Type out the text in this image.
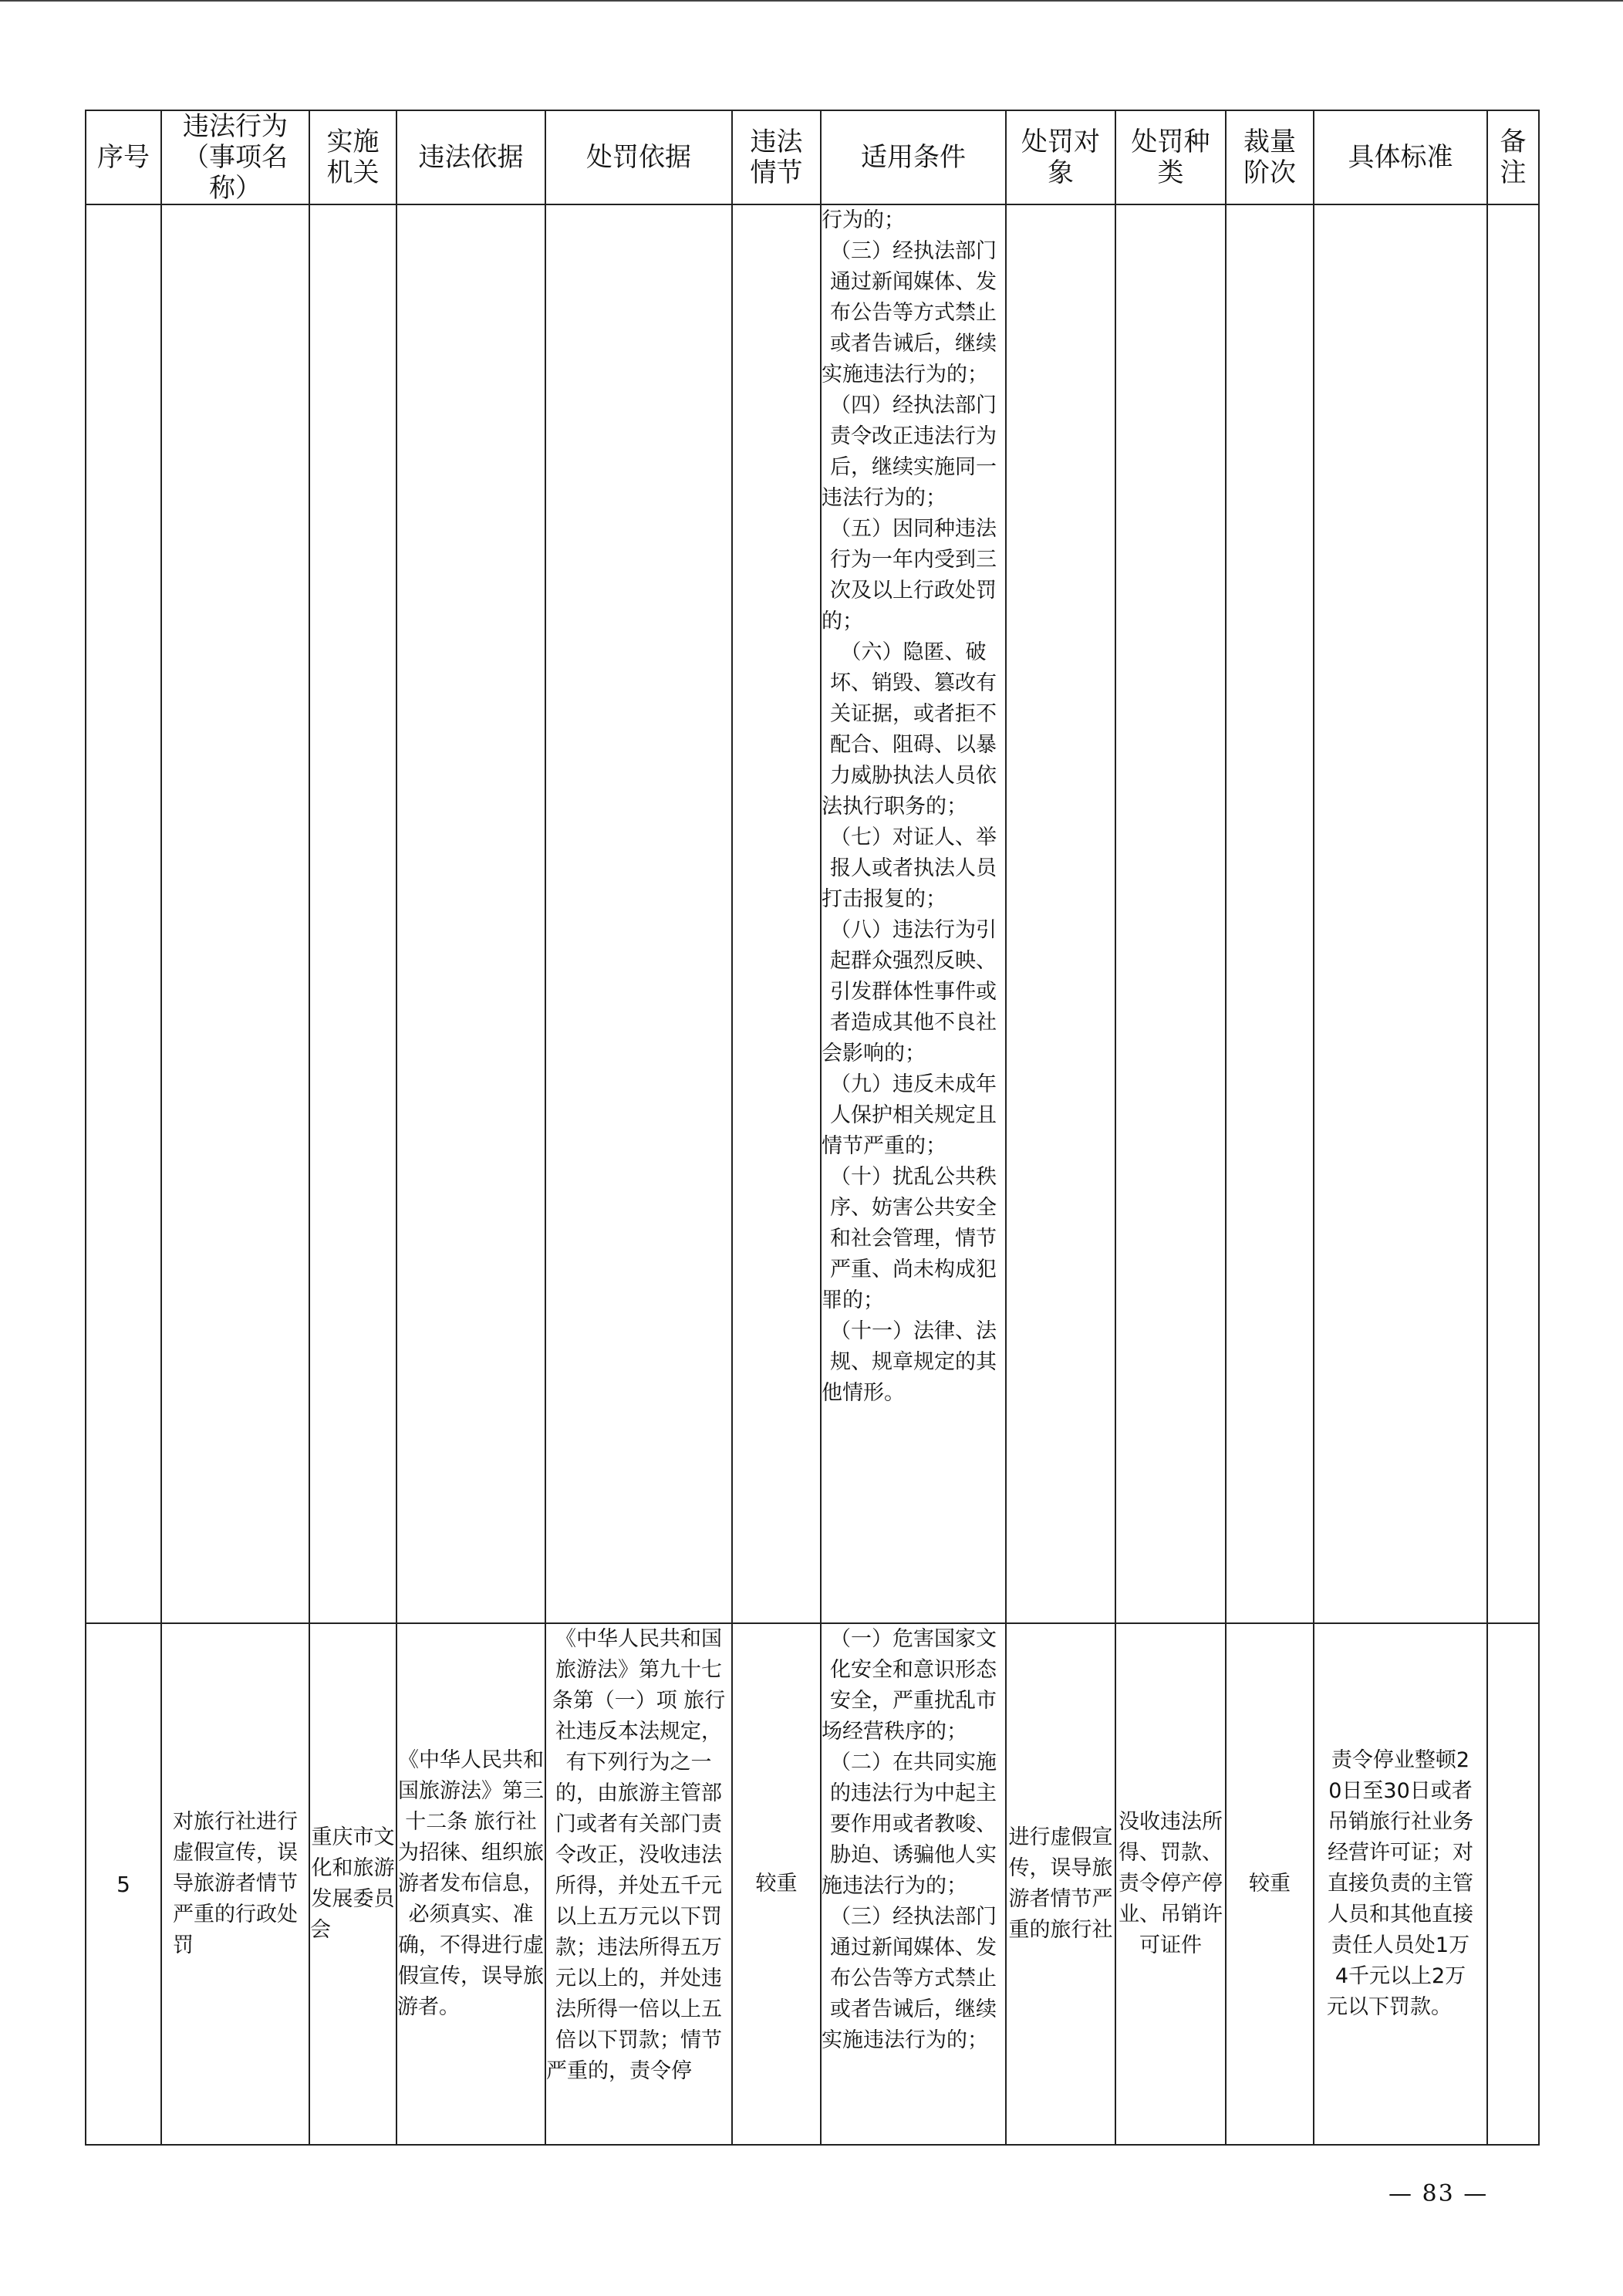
序号	违法行为（事项名称）	实施机关	违法依据	处罚依据	违法情节	适用条件	处罚对象	处罚种类	裁量阶次	具体标准	备注

行为的；
（三）经执法部门通过新闻媒体、发布公告等方式禁止或者告诫后，继续实施违法行为的；
（四）经执法部门责令改正违法行为后，继续实施同一违法行为的；
（五）因同种违法行为一年内受到三次及以上行政处罚的；
（六）隐匿、破坏、销毁、篡改有关证据，或者拒不配合、阻碍、以暴力威胁执法人员依法执行职务的；
（七）对证人、举报人或者执法人员打击报复的；
（八）违法行为引起群众强烈反映、引发群体性事件或者造成其他不良社会影响的；
（九）违反未成年人保护相关规定且情节严重的；
（十）扰乱公共秩序、妨害公共安全和社会管理，情节严重、尚未构成犯罪的；
（十一）法律、法规、规章规定的其他情形。

5	对旅行社进行虚假宣传，误导旅游者情节严重的行政处罚	重庆市文化和旅游发展委员会	《中华人民共和国旅游法》第三十二条 旅行社为招徕、组织旅游者发布信息，必须真实、准确，不得进行虚假宣传，误导旅游者。	《中华人民共和国旅游法》第九十七条第（一）项 旅行社违反本法规定，有下列行为之一的，由旅游主管部门或者有关部门责令改正，没收违法所得，并处五千元以上五万元以下罚款；违法所得五万元以上的，并处违法所得一倍以上五倍以下罚款；情节严重的，责令停	较重	（一）危害国家文化安全和意识形态安全，严重扰乱市场经营秩序的；
（二）在共同实施的违法行为中起主要作用或者教唆、胁迫、诱骗他人实施违法行为的；
（三）经执法部门通过新闻媒体、发布公告等方式禁止或者告诫后，继续实施违法行为的；	进行虚假宣传，误导旅游者情节严重的旅行社	没收违法所得、罚款、责令停产停业、吊销许可证件	较重	责令停业整顿20日至30日或者吊销旅行社业务经营许可证；对直接负责的主管人员和其他直接责任人员处1万4千元以上2万元以下罚款。	
— 83 —
